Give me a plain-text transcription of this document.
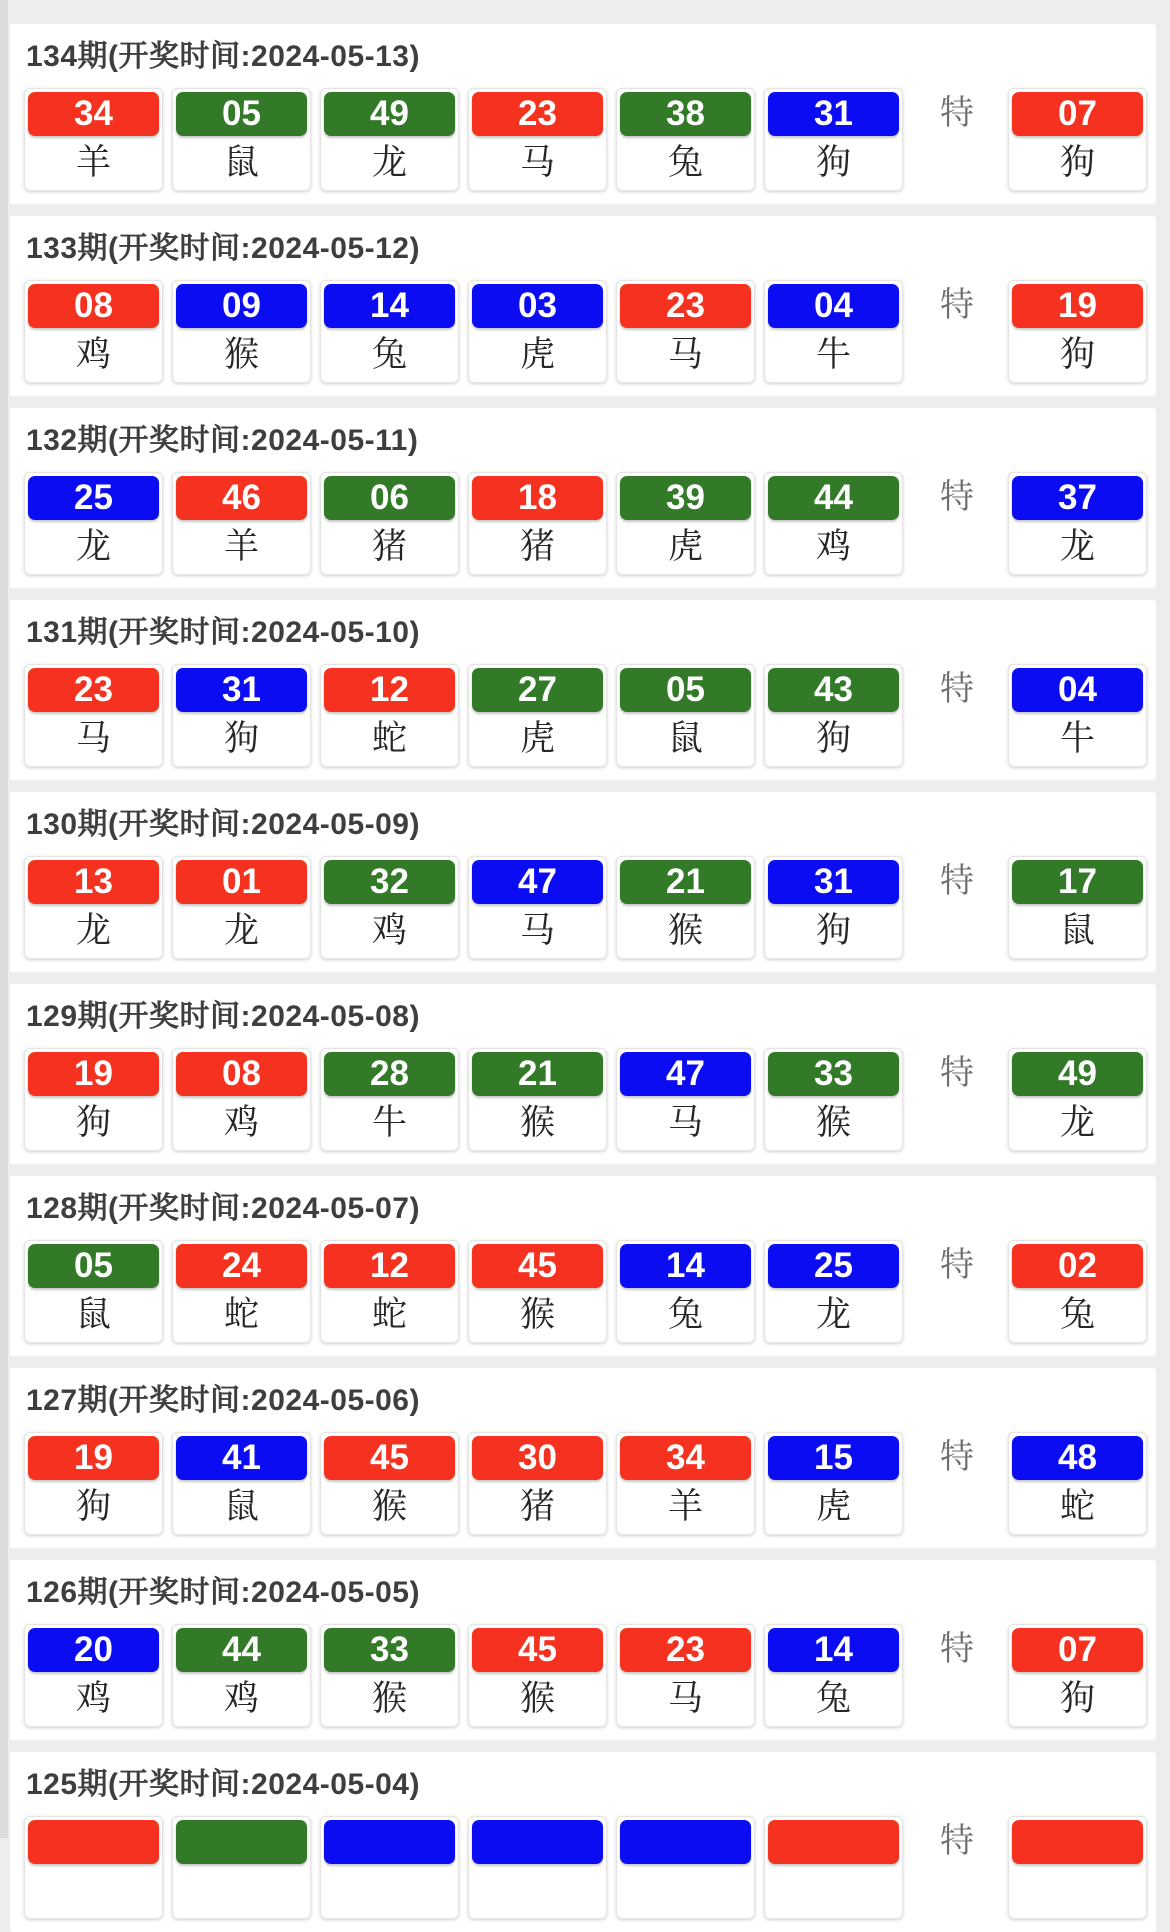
134期(开奖时间:2024-05-13)
34
羊
05
鼠
49
龙
23
马
38
兔
31
狗
特	07
狗
133期(开奖时间:2024-05-12)
08
鸡
09
猴
14
兔
03
虎
23
马
04
牛
特	19
狗
132期(开奖时间:2024-05-11)
25
龙
46
羊
06
猪
18
猪
39
虎
44
鸡
特	37
龙
131期(开奖时间:2024-05-10)
23
马
31
狗
12
蛇
27
虎
05
鼠
43
狗
特	04
牛
130期(开奖时间:2024-05-09)
13
龙
01
龙
32
鸡
47
马
21
猴
31
狗
特	17
鼠
129期(开奖时间:2024-05-08)
19
狗
08
鸡
28
牛
21
猴
47
马
33
猴
特	49
龙
128期(开奖时间:2024-05-07)
05
鼠
24
蛇
12
蛇
45
猴
14
兔
25
龙
特	02
兔
127期(开奖时间:2024-05-06)
19
狗
41
鼠
45
猴
30
猪
34
羊
15
虎
特	48
蛇
126期(开奖时间:2024-05-05)
20
鸡
44
鸡
33
猴
45
猴
23
马
14
兔
特	07
狗
125期(开奖时间:2024-05-04)
特
